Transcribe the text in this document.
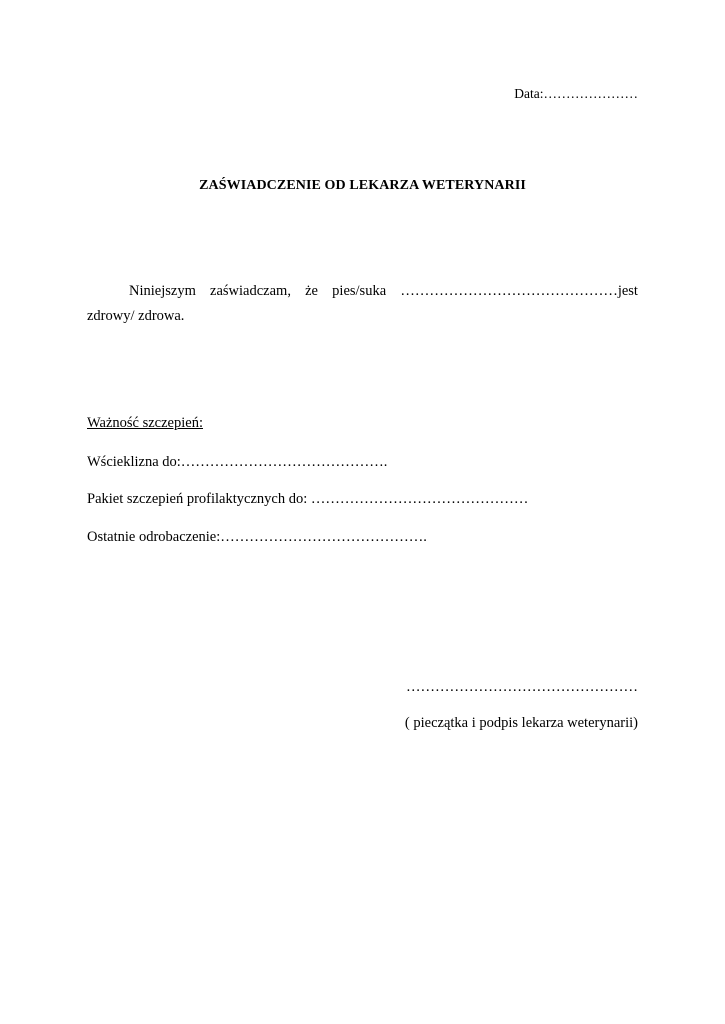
Data:…………………
ZAŚWIADCZENIE OD LEKARZA WETERYNARII
Niniejszym zaświadczam, że pies/suka ………………………………………jest
zdrowy/ zdrowa.
Ważność szczepień:
Wścieklizna do:…………………………………….
Pakiet szczepień profilaktycznych do: ………………………………………
Ostatnie odrobaczenie:…………………………………….
…………………………………………
( pieczątka i podpis lekarza weterynarii)
